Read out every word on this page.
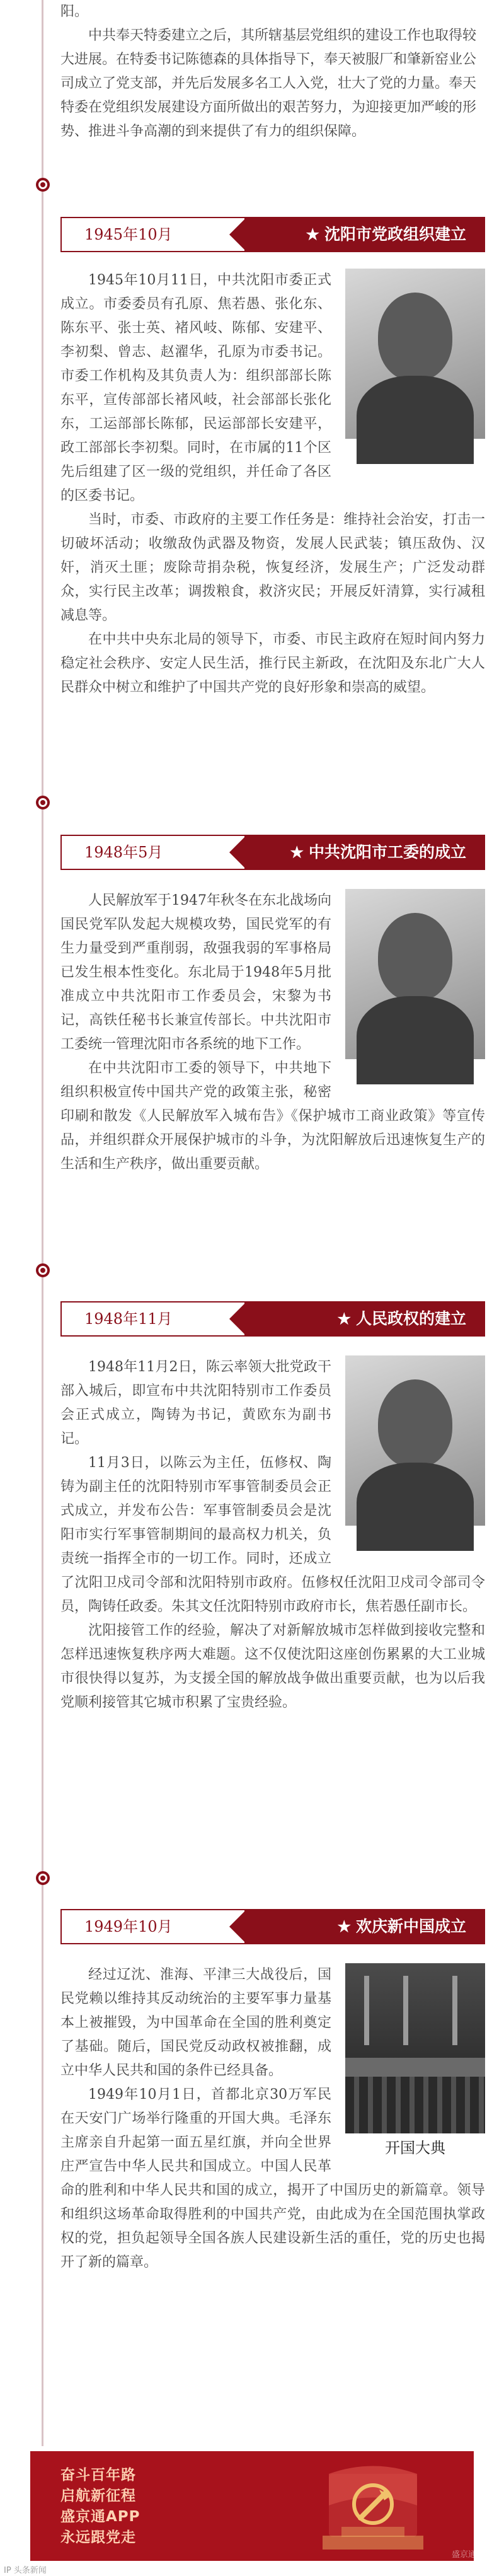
阳。

中共奉天特委建立之后，其所辖基层党组织的建设工作也取得较大进展。在特委书记陈德森的具体指导下，奉天被服厂和肇新窑业公司成立了党支部，并先后发展多名工人入党，壮大了党的力量。奉天特委在党组织发展建设方面所做出的艰苦努力，为迎接更加严峻的形势、推进斗争高潮的到来提供了有力的组织保障。

1945年10月	★ 沈阳市党政组织建立

1945年10月11日，中共沈阳市委正式成立。市委委员有孔原、焦若愚、张化东、陈东平、张士英、褚风岐、陈郁、安建平、李初梨、曾志、赵濯华，孔原为市委书记。市委工作机构及其负责人为：组织部部长陈东平，宣传部部长褚风岐，社会部部长张化东，工运部部长陈郁，民运部部长安建平，政工部部长李初梨。同时，在市属的11个区先后组建了区一级的党组织，并任命了各区的区委书记。

当时，市委、市政府的主要工作任务是：维持社会治安，打击一切破坏活动；收缴敌伪武器及物资，发展人民武装；镇压敌伪、汉奸，消灭土匪；废除苛捐杂税，恢复经济，发展生产；广泛发动群众，实行民主改革；调拨粮食，救济灾民；开展反奸清算，实行减租减息等。

在中共中央东北局的领导下，市委、市民主政府在短时间内努力稳定社会秩序、安定人民生活，推行民主新政，在沈阳及东北广大人民群众中树立和维护了中国共产党的良好形象和崇高的威望。

1948年5月	★ 中共沈阳市工委的成立

人民解放军于1947年秋冬在东北战场向国民党军队发起大规模攻势，国民党军的有生力量受到严重削弱，敌强我弱的军事格局已发生根本性变化。东北局于1948年5月批准成立中共沈阳市工作委员会，宋黎为书记，高铁任秘书长兼宣传部长。中共沈阳市工委统一管理沈阳市各系统的地下工作。

在中共沈阳市工委的领导下，中共地下组织积极宣传中国共产党的政策主张，秘密印刷和散发《人民解放军入城布告》《保护城市工商业政策》等宣传品，并组织群众开展保护城市的斗争，为沈阳解放后迅速恢复生产的生活和生产秩序，做出重要贡献。

1948年11月	★ 人民政权的建立

1948年11月2日，陈云率领大批党政干部入城后，即宣布中共沈阳特别市工作委员会正式成立，陶铸为书记，黄欧东为副书记。

11月3日，以陈云为主任，伍修权、陶铸为副主任的沈阳特别市军事管制委员会正式成立，并发布公告：军事管制委员会是沈阳市实行军事管制期间的最高权力机关，负责统一指挥全市的一切工作。同时，还成立了沈阳卫戍司令部和沈阳特别市政府。伍修权任沈阳卫戍司令部司令员，陶铸任政委。朱其文任沈阳特别市政府市长，焦若愚任副市长。

沈阳接管工作的经验，解决了对新解放城市怎样做到接收完整和怎样迅速恢复秩序两大难题。这不仅使沈阳这座创伤累累的大工业城市很快得以复苏，为支援全国的解放战争做出重要贡献，也为以后我党顺利接管其它城市积累了宝贵经验。

1949年10月	★ 欢庆新中国成立
开国大典

经过辽沈、淮海、平津三大战役后，国民党赖以维持其反动统治的主要军事力量基本上被摧毁，为中国革命在全国的胜利奠定了基础。随后，国民党反动政权被推翻，成立中华人民共和国的条件已经具备。

1949年10月1日，首都北京30万军民在天安门广场举行隆重的开国大典。毛泽东主席亲自升起第一面五星红旗，并向全世界庄严宣告中华人民共和国成立。中国人民革命的胜利和中华人民共和国的成立，揭开了中国历史的新篇章。领导和组织这场革命取得胜利的中国共产党，由此成为在全国范围执掌政权的党，担负起领导全国各族人民建设新生活的重任，党的历史也揭开了新的篇章。

奋斗百年路
启航新征程
盛京通APP
永远跟党走
盛京通
IP 头条新闻
